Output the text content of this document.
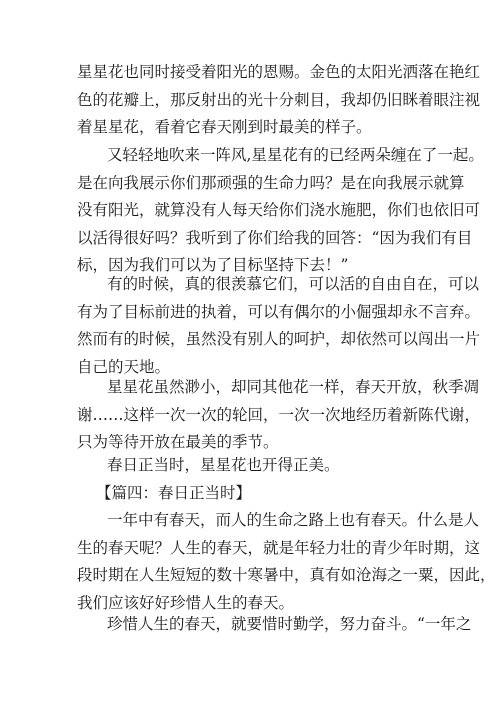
星星花也同时接受着阳光的恩赐。金色的太阳光洒落在艳红
色的花瓣上，那反射出的光十分刺目，我却仍旧眯着眼注视
着星星花，看着它春天刚到时最美的样子。

又轻轻地吹来一阵风,星星花有的已经两朵缠在了一起。
是在向我展示你们那顽强的生命力吗？是在向我展示就算
没有阳光，就算没有人每天给你们浇水施肥，你们也依旧可
以活得很好吗？我听到了你们给我的回答：“因为我们有目
标，因为我们可以为了目标坚持下去！”

有的时候，真的很羡慕它们，可以活的自由自在，可以
有为了目标前进的执着，可以有偶尔的小倔强却永不言弃。
然而有的时候，虽然没有别人的呵护，却依然可以闯出一片
自己的天地。

星星花虽然渺小，却同其他花一样，春天开放，秋季凋
谢……这样一次一次的轮回，一次一次地经历着新陈代谢，
只为等待开放在最美的季节。

春日正当时，星星花也开得正美。

【篇四：春日正当时】

一年中有春天，而人的生命之路上也有春天。什么是人
生的春天呢？人生的春天，就是年轻力壮的青少年时期，这
段时期在人生短短的数十寒暑中，真有如沧海之一粟，因此，
我们应该好好珍惜人生的春天。

珍惜人生的春天，就要惜时勤学，努力奋斗。“一年之
